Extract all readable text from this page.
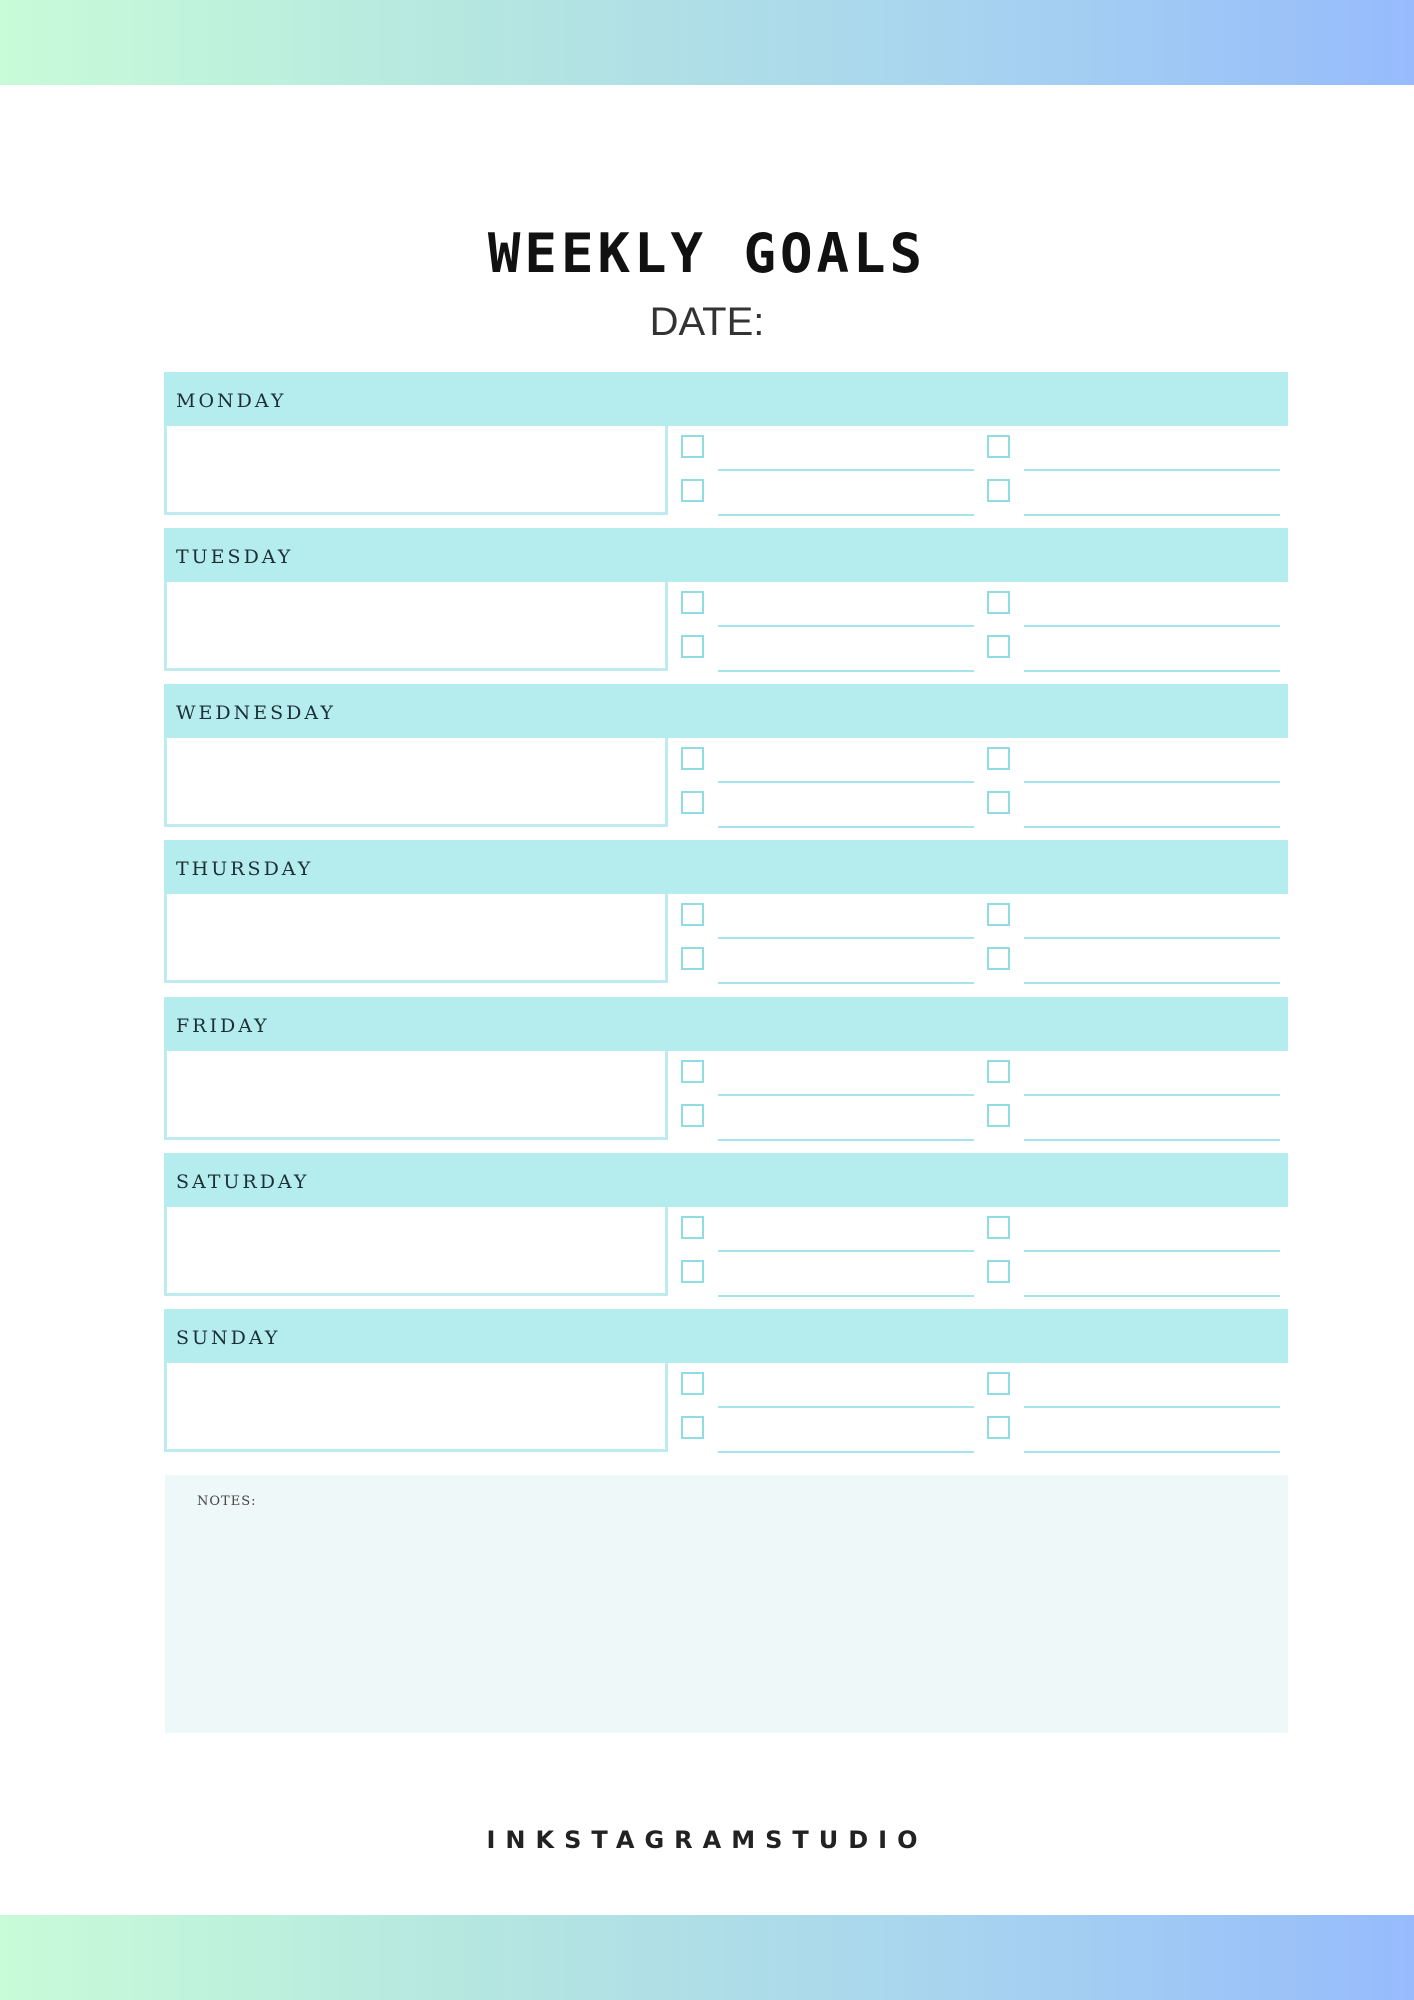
WEEKLY GOALS
DATE:
MONDAY
TUESDAY
WEDNESDAY
THURSDAY
FRIDAY
SATURDAY
SUNDAY
NOTES:
INKSTAGRAMSTUDIO
